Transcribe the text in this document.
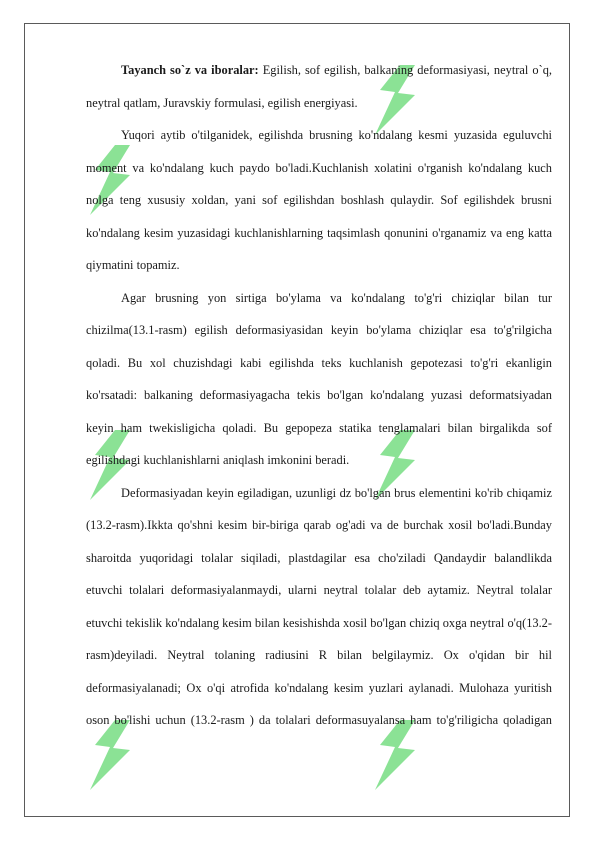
Tayanch so`z va iboralar: Egilish, sof egilish, balkaning deformasiyasi, neytral o`q, neytral qatlam, Juravskiy formulasi, egilish energiyasi.

Yuqori aytib o'tilganidek, egilishda brusning ko'ndalang kesmi yuzasida eguluvchi moment va ko'ndalang kuch paydo bo'ladi.Kuchlanish xolatini o'rganish ko'ndalang kuch nolga teng xususiy xoldan, yani sof egilishdan boshlash qulaydir. Sof egilishdek brusni ko'ndalang kesim yuzasidagi kuchlanishlarning taqsimlash qonunini o'rganamiz va eng katta qiymatini topamiz.

Agar brusning yon sirtiga bo'ylama va ko'ndalang to'g'ri chiziqlar bilan tur chizilma(13.1-rasm) egilish deformasiyasidan keyin bo'ylama chiziqlar esa to'g'rilgicha qoladi. Bu xol chuzishdagi kabi egilishda teks kuchlanish gepotezasi to'g'ri ekanligin ko'rsatadi: balkaning deformasiyagacha tekis bo'lgan ko'ndalang yuzasi deformatsiyadan keyin ham twekisligicha qoladi. Bu gepopeza statika tenglamalari bilan birgalikda sof egilishdagi kuchlanishlarni aniqlash imkonini beradi.

Deformasiyadan keyin egiladigan, uzunligi dz bo'lgan brus elementini ko'rib chiqamiz (13.2-rasm).Ikkta qo'shni kesim bir-biriga qarab og'adi va de burchak xosil bo'ladi.Bunday sharoitda yuqoridagi tolalar siqiladi, plastdagilar esa cho'ziladi Qandaydir balandlikda etuvchi tolalari deformasiyalanmaydi, ularni neytral tolalar deb aytamiz. Neytral tolalar etuvchi tekislik ko'ndalang kesim bilan kesishishda xosil bo'lgan chiziq oxga neytral o'q(13.2-rasm)deyiladi. Neytral tolaning radiusini R bilan belgilaymiz. Ox o'qidan bir hil deformasiyalanadi; Ox o'qi atrofida ko'ndalang kesim yuzlari aylanadi. Mulohaza yuritish oson bo'lishi uchun (13.2-rasm ) da tolalari deformasuyalansa ham to'g'riligicha qoladigan
